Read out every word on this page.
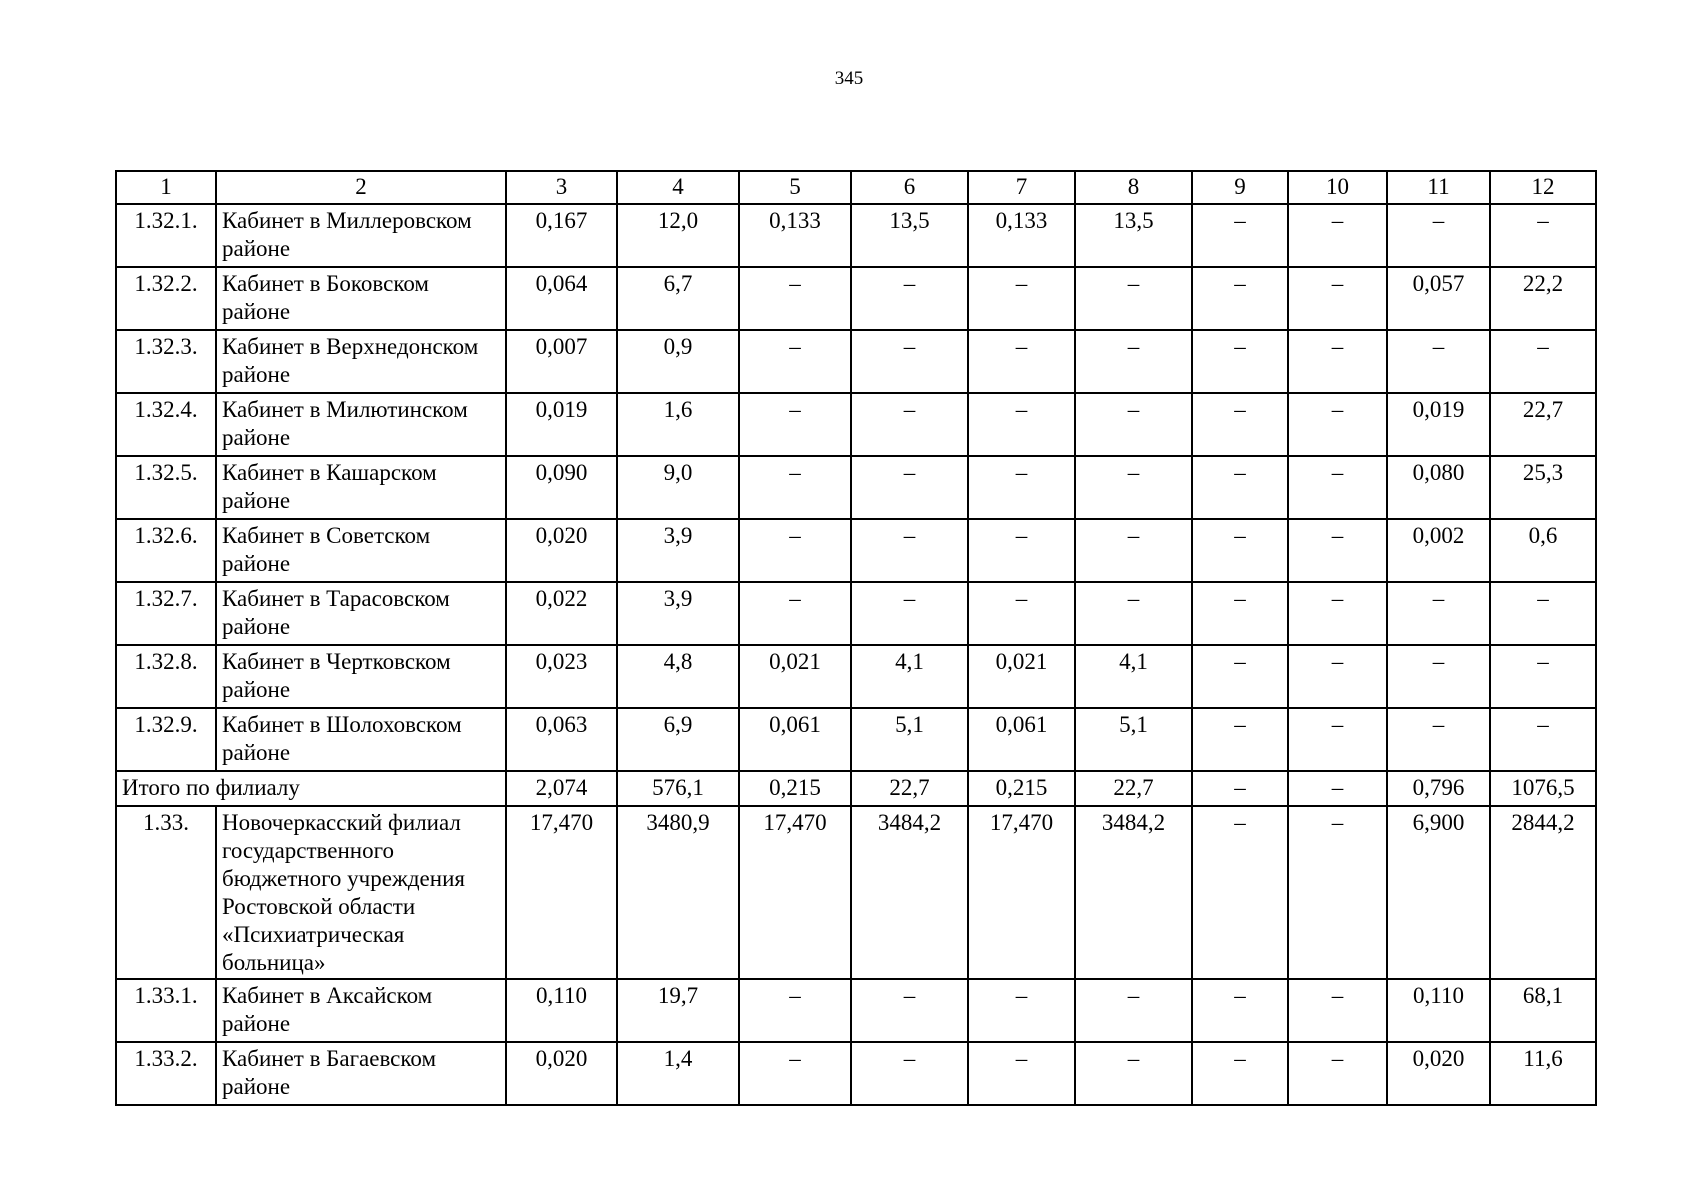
345
1	2	3	4	5	6	7	8	9	10	11	12
1.32.1.	Кабинет в Миллеровском районе	0,167	12,0	0,133	13,5	0,133	13,5	–	–	–	–
1.32.2.	Кабинет в Боковском районе	0,064	6,7	–	–	–	–	–	–	0,057	22,2
1.32.3.	Кабинет в Верхнедонском районе	0,007	0,9	–	–	–	–	–	–	–	–
1.32.4.	Кабинет в Милютинском районе	0,019	1,6	–	–	–	–	–	–	0,019	22,7
1.32.5.	Кабинет в Кашарском районе	0,090	9,0	–	–	–	–	–	–	0,080	25,3
1.32.6.	Кабинет в Советском районе	0,020	3,9	–	–	–	–	–	–	0,002	0,6
1.32.7.	Кабинет в Тарасовском районе	0,022	3,9	–	–	–	–	–	–	–	–
1.32.8.	Кабинет в Чертковском районе	0,023	4,8	0,021	4,1	0,021	4,1	–	–	–	–
1.32.9.	Кабинет в Шолоховском районе	0,063	6,9	0,061	5,1	0,061	5,1	–	–	–	–
Итого по филиалу		2,074	576,1	0,215	22,7	0,215	22,7	–	–	0,796	1076,5
1.33.	Новочеркасский филиал государственного бюджетного учреждения Ростовской области «Психиатрическая больница»	17,470	3480,9	17,470	3484,2	17,470	3484,2	–	–	6,900	2844,2
1.33.1.	Кабинет в Аксайском районе	0,110	19,7	–	–	–	–	–	–	0,110	68,1
1.33.2.	Кабинет в Багаевском районе	0,020	1,4	–	–	–	–	–	–	0,020	11,6
